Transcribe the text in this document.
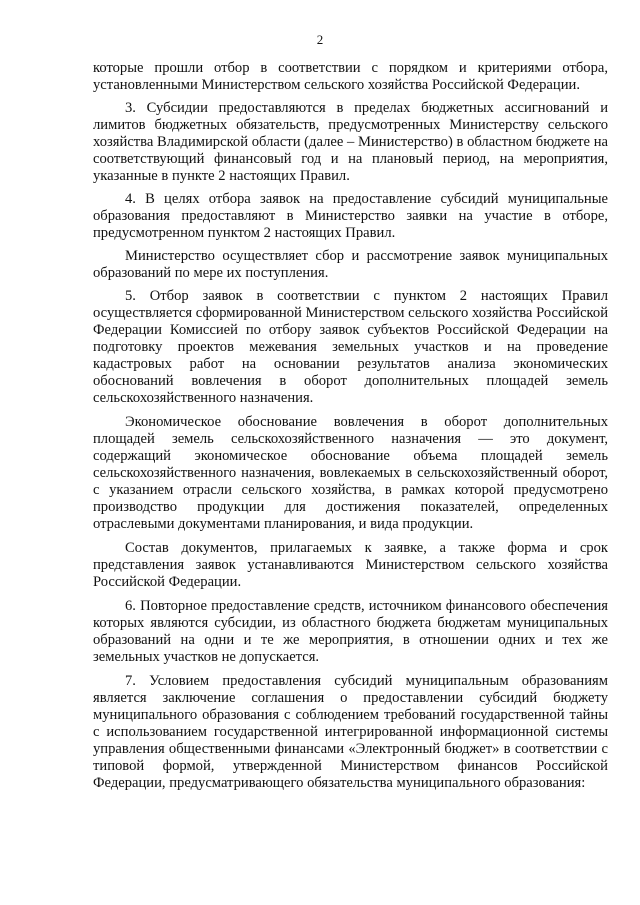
2

которые прошли отбор в соответствии с порядком и критериями отбора, установленными Министерством сельского хозяйства Российской Федерации.

3. Субсидии предоставляются в пределах бюджетных ассигнований и лимитов бюджетных обязательств, предусмотренных Министерству сельского хозяйства Владимирской области (далее – Министерство) в областном бюджете на соответствующий финансовый год и на плановый период, на мероприятия, указанные в пункте 2 настоящих Правил.

4. В целях отбора заявок на предоставление субсидий муниципальные образования предоставляют в Министерство заявки на участие в отборе, предусмотренном пунктом 2 настоящих Правил.

Министерство осуществляет сбор и рассмотрение заявок муниципальных образований по мере их поступления.

5. Отбор заявок в соответствии с пунктом 2 настоящих Правил осуществляется сформированной Министерством сельского хозяйства Российской Федерации Комиссией по отбору заявок субъектов Российской Федерации на подготовку проектов межевания земельных участков и на проведение кадастровых работ на основании результатов анализа экономических обоснований вовлечения в оборот дополнительных площадей земель сельскохозяйственного назначения.

Экономическое обоснование вовлечения в оборот дополнительных площадей земель сельскохозяйственного назначения — это документ, содержащий экономическое обоснование объема площадей земель сельскохозяйственного назначения, вовлекаемых в сельскохозяйственный оборот, с указанием отрасли сельского хозяйства, в рамках которой предусмотрено производство продукции для достижения показателей, определенных отраслевыми документами планирования, и вида продукции.

Состав документов, прилагаемых к заявке, а также форма и срок представления заявок устанавливаются Министерством сельского хозяйства Российской Федерации.

6. Повторное предоставление средств, источником финансового обеспечения которых являются субсидии, из областного бюджета бюджетам муниципальных образований на одни и те же мероприятия, в отношении одних и тех же земельных участков не допускается.

7. Условием предоставления субсидий муниципальным образованиям является заключение соглашения о предоставлении субсидий бюджету муниципального образования с соблюдением требований государственной тайны с использованием государственной интегрированной информационной системы управления общественными финансами «Электронный бюджет» в соответствии с типовой формой, утвержденной Министерством финансов Российской Федерации, предусматривающего обязательства муниципального образования:
